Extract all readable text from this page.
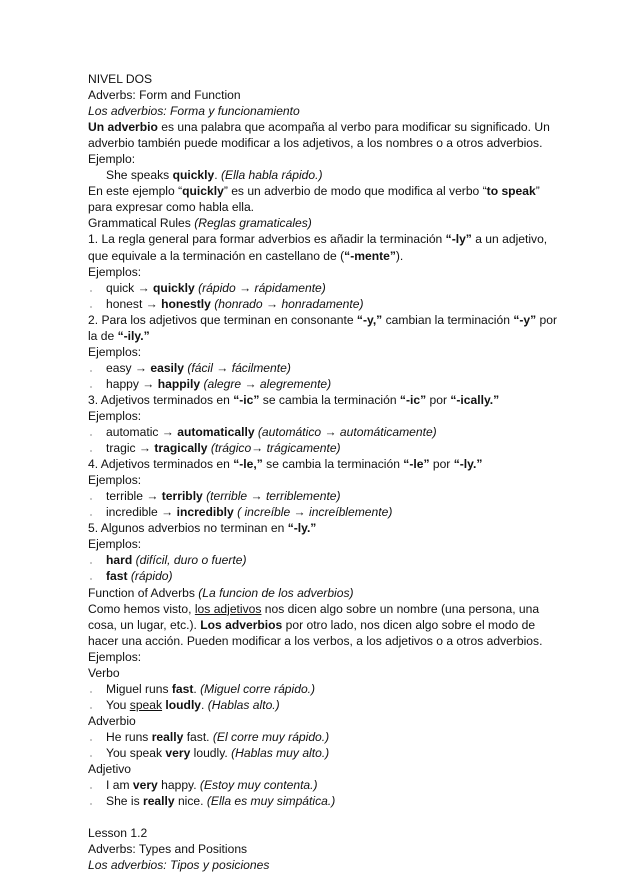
NIVEL DOS
Adverbs: Form and Function
Los adverbios: Forma y funcionamiento
Un adverbio es una palabra que acompaña al verbo para modificar su significado. Un adverbio también puede modificar a los adjetivos, a los nombres o a otros adverbios.
Ejemplo:
She speaks quickly. (Ella habla rápido.)
En este ejemplo “quickly” es un adverbio de modo que modifica al verbo “to speak” para expresar como habla ella.
Grammatical Rules (Reglas gramaticales)
1. La regla general para formar adverbios es añadir la terminación “-ly” a un adjetivo, que equivale a la terminación en castellano de (“-mente”).
Ejemplos:
quick → quickly (rápido → rápidamente)
honest → honestly (honrado → honradamente)
2. Para los adjetivos que terminan en consonante “-y,” cambian la terminación “-y” por la de “-ily.”
Ejemplos:
easy → easily (fácil → fácilmente)
happy → happily (alegre → alegremente)
3. Adjetivos terminados en “-ic” se cambia la terminación “-ic” por “-ically.”
Ejemplos:
automatic → automatically (automático → automáticamente)
tragic → tragically (trágico→ trágicamente)
4. Adjetivos terminados en “-le,” se cambia la terminación “-le” por “-ly.”
Ejemplos:
terrible → terribly (terrible → terriblemente)
incredible → incredibly ( increíble → increíblemente)
5. Algunos adverbios no terminan en “-ly.”
Ejemplos:
hard (difícil, duro o fuerte)
fast (rápido)
Function of Adverbs (La funcion de los adverbios)
Como hemos visto, los adjetivos nos dicen algo sobre un nombre (una persona, una cosa, un lugar, etc.). Los adverbios por otro lado, nos dicen algo sobre el modo de hacer una acción. Pueden modificar a los verbos, a los adjetivos o a otros adverbios.
Ejemplos:
Verbo
Miguel runs fast. (Miguel corre rápido.)
You speak loudly. (Hablas alto.)
Adverbio
He runs really fast. (El corre muy rápido.)
You speak very loudly. (Hablas muy alto.)
Adjetivo
I am very happy. (Estoy muy contenta.)
She is really nice. (Ella es muy simpática.)
Lesson 1.2
Adverbs: Types and Positions
Los adverbios: Tipos y posiciones
